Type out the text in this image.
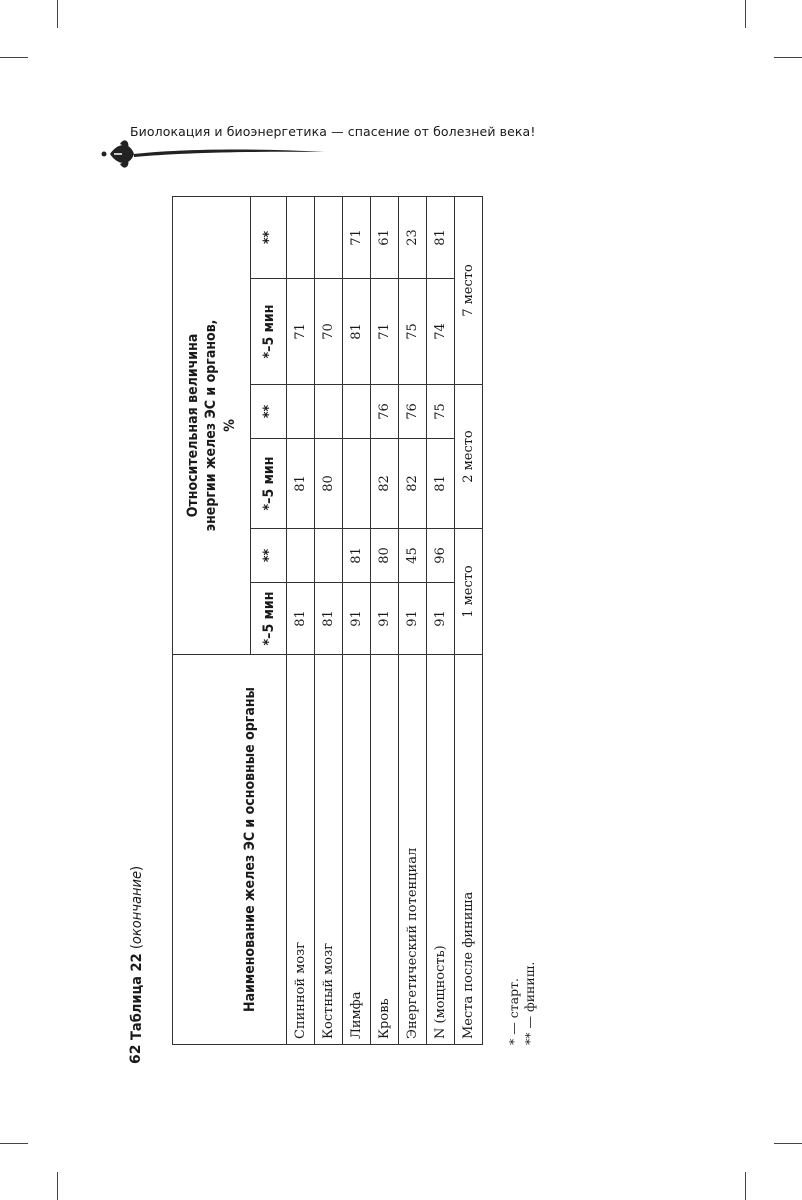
Биолокация и биоэнергетика — спасение от болезней века!
62
Таблица 22 (окончание)	Наименование желез ЭС и основные органы	Относительная величина энергии желез ЭС и органов, %					
	*–5 мин	**	*–5 мин	**	*–5 мин	**
Спинной мозг	81		81		71	
Костный мозг	81		80		70	
Лимфа	91	81			81	71
Кровь	91	80	82	76	71	61
Энергетический потенциал	91	45	82	76	75	23
N (мощность)	91	96	81	75	74	81
Места после финиша	1 место		2 место		7 место	
* — старт. ** — финиш.
